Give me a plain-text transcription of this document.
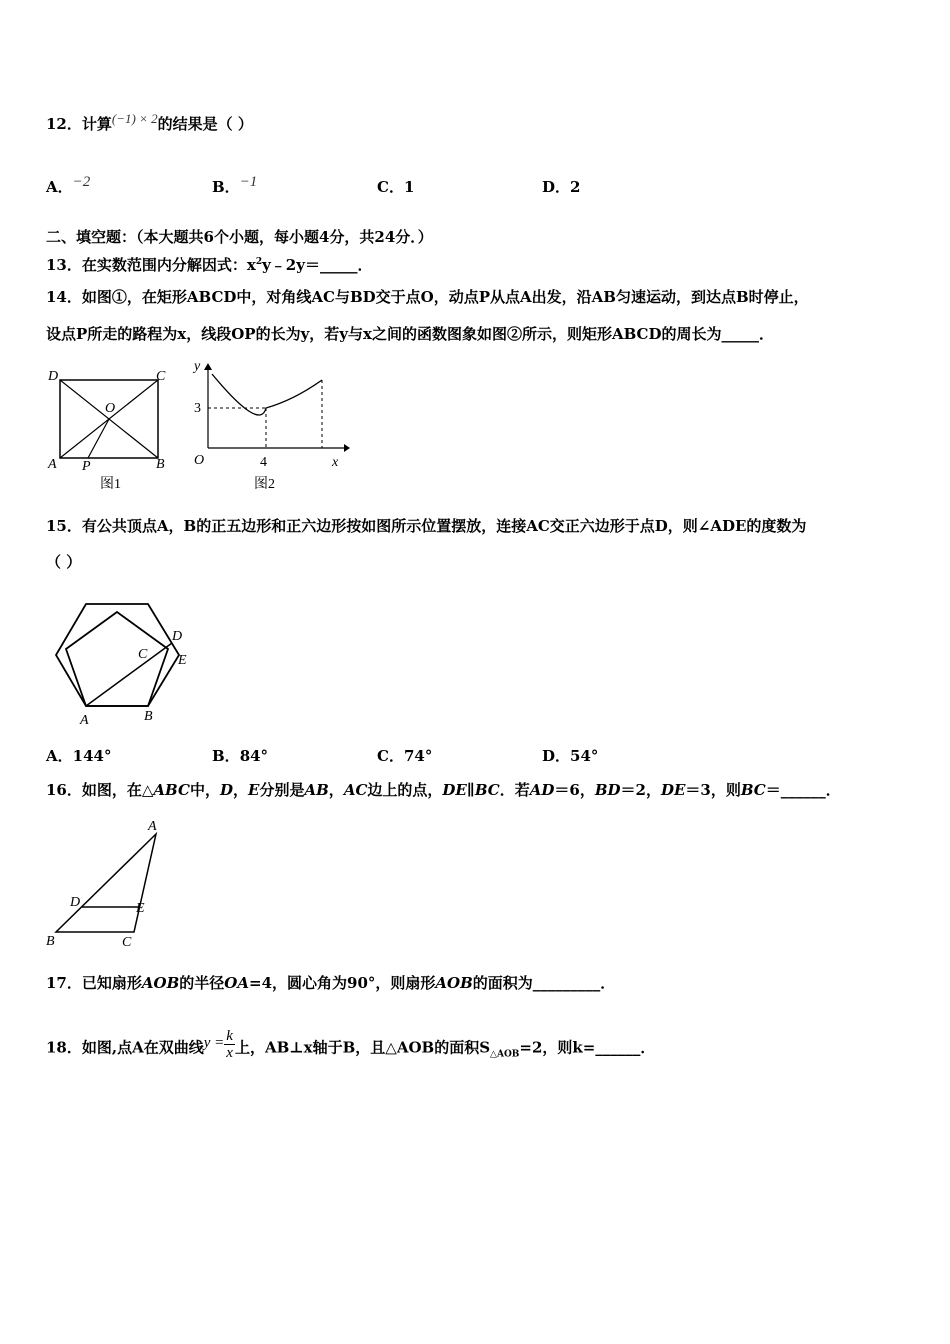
12．计算(−1) × 2的结果是（ ）
A．−2	B．−1	C．1	D．2
二、填空题：（本大题共6个小题，每小题4分，共24分．）
13．在实数范围内分解因式：$x^2y﹣2y=\_\_\_\_\_$．
14．如图①，在矩形ABCD中，对角线AC与BD交于点O，动点P从点A出发，沿AB匀速运动，到达点B时停止，
设点P所走的路程为x，线段OP的长为y，若y与x之间的函数图象如图②所示，则矩形ABCD的周长为_____．
D	C
O
A P	B
图1
y
x
O
3
4
图2
15．有公共顶点A，B的正五边形和正六边形按如图所示位置摆放，连接AC交正六边形于点D，则∠ADE的度数为
（ ）
A	B
C
D
E
A．144°	B．84°	C．74°	D．54°
16．如图，在△ABC中，D，E分别是AB，AC边上的点，DE∥BC．若AD＝6，BD＝2，DE＝3，则BC＝______．
A
D	E
B	C
17．已知扇形AOB的半径OA=4，圆心角为90°，则扇形AOB的面积为_________．
18．如图,点A在双曲线$y = \frac{k}{x}$ 上，AB⊥x轴于B，且△AOB的面积$S_{\triangle AOB}=2$，则k=______．
